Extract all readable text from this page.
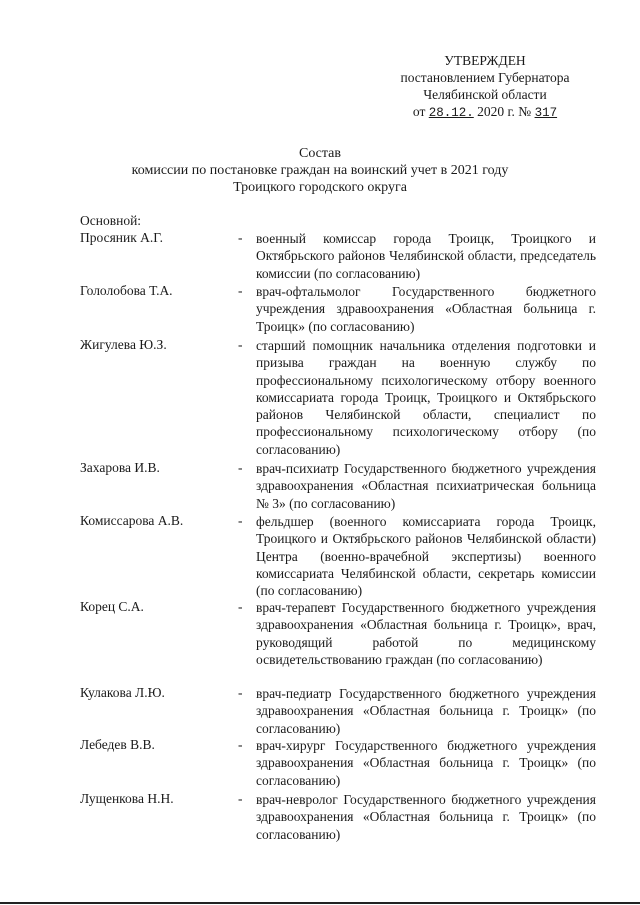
УТВЕРЖДЕН
постановлением Губернатора
Челябинской области
от 28.12. 2020 г. № 317
Состав
комиссии по постановке граждан на воинский учет в 2021 году
Троицкого городского округа
Основной:
Просяник А.Г.	-	военный комиссар города Троицк, Троицкого и Октябрьского районов Челябинской области, председатель комиссии (по согласованию)
Гололобова Т.А.	-	врач-офтальмолог Государственного бюджетного учреждения здравоохранения «Областная больница г. Троицк» (по согласованию)
Жигулева Ю.З.	-	старший помощник начальника отделения подготовки и призыва граждан на военную службу по профессиональному психологическому отбору военного комиссариата города Троицк, Троицкого и Октябрьского районов Челябинской области, специалист по профессиональному психологическому отбору (по согласованию)
Захарова И.В.	-	врач-психиатр Государственного бюджетного учреждения здравоохранения «Областная психиатрическая больница № 3» (по согласованию)
Комиссарова А.В.	-	фельдшер (военного комиссариата города Троицк, Троицкого и Октябрьского районов Челябинской области) Центра (военно-врачебной экспертизы) военного комиссариата Челябинской области, секретарь комиссии (по согласованию)
Корец С.А.	-	врач-терапевт Государственного бюджетного учреждения здравоохранения «Областная больница г. Троицк», врач, руководящий работой по медицинскому освидетельствованию граждан (по согласованию)
Кулакова Л.Ю.	-	врач-педиатр Государственного бюджетного учреждения здравоохранения «Областная больница г. Троицк» (по согласованию)
Лебедев В.В.	-	врач-хирург Государственного бюджетного учреждения здравоохранения «Областная больница г. Троицк» (по согласованию)
Лущенкова Н.Н.	-	врач-невролог Государственного бюджетного учреждения здравоохранения «Областная больница г. Троицк» (по согласованию)
